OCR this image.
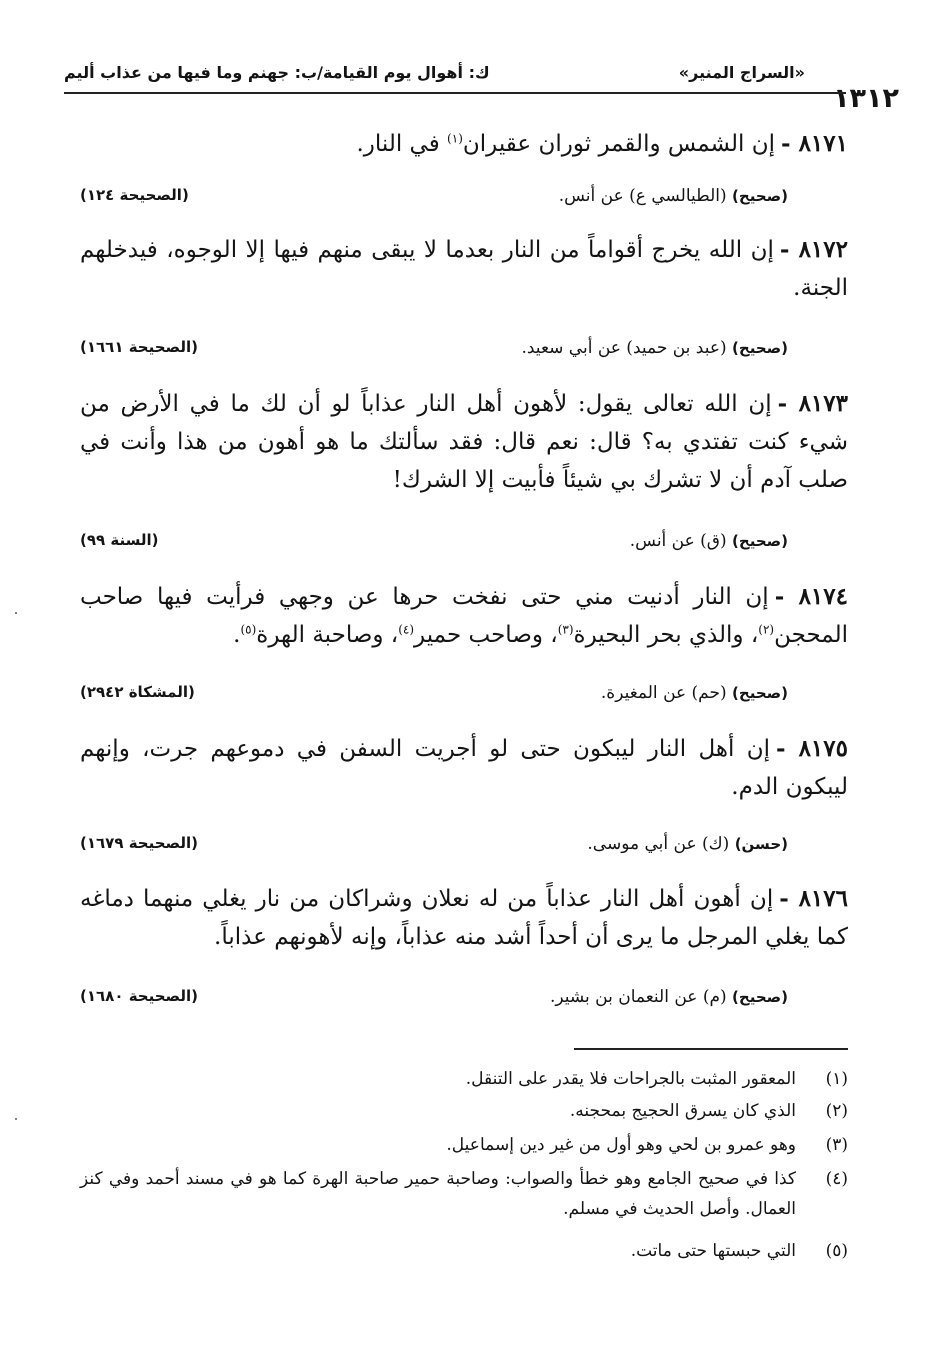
«السراج المنير»
ك: أهوال يوم القيامة/ب: جهنم وما فيها من عذاب أليم
١٣١٢
٨١٧١ -إن الشمس والقمر ثوران عقيران$^{(١)}$ في النار.
(صحيح) (الطيالسي ع) عن أنس.
(الصحيحة ١٢٤)
٨١٧٢ -إن الله يخرج أقواماً من النار بعدما لا يبقى منهم فيها إلا الوجوه، فيدخلهم الجنة.
(صحيح) (عبد بن حميد) عن أبي سعيد.
(الصحيحة ١٦٦١)
٨١٧٣ -إن الله تعالى يقول: لأهون أهل النار عذاباً لو أن لك ما في الأرض من شيء كنت تفتدي به؟ قال: نعم قال: فقد سألتك ما هو أهون من هذا وأنت في صلب آدم أن لا تشرك بي شيئاً فأبيت إلا الشرك!
(صحيح) (ق) عن أنس.
(السنة ٩٩)
٨١٧٤ -إن النار أدنيت مني حتى نفخت حرها عن وجهي فرأيت فيها صاحب المحجن$^{(٢)}$، والذي بحر البحيرة$^{(٣)}$، وصاحب حمير$^{(٤)}$، وصاحبة الهرة$^{(٥)}$.
(صحيح) (حم) عن المغيرة.
(المشكاة ٢٩٤٢)
٨١٧٥ -إن أهل النار ليبكون حتى لو أجريت السفن في دموعهم جرت، وإنهم ليبكون الدم.
(حسن) (ك) عن أبي موسى.
(الصحيحة ١٦٧٩)
٨١٧٦ -إن أهون أهل النار عذاباً من له نعلان وشراكان من نار يغلي منهما دماغه كما يغلي المرجل ما يرى أن أحداً أشد منه عذاباً، وإنه لأهونهم عذاباً.
(صحيح) (م) عن النعمان بن بشير.
(الصحيحة ١٦٨٠)
(١)
المعقور المثبت بالجراحات فلا يقدر على التنقل.
(٢)
الذي كان يسرق الحجيج بمحجنه.
(٣)
وهو عمرو بن لحي وهو أول من غير دين إسماعيل.
(٤)
كذا في صحيح الجامع وهو خطأ والصواب: وصاحبة حمير صاحبة الهرة كما هو في مسند أحمد وفي كنز العمال. وأصل الحديث في مسلم.
(٥)
التي حبستها حتى ماتت.
